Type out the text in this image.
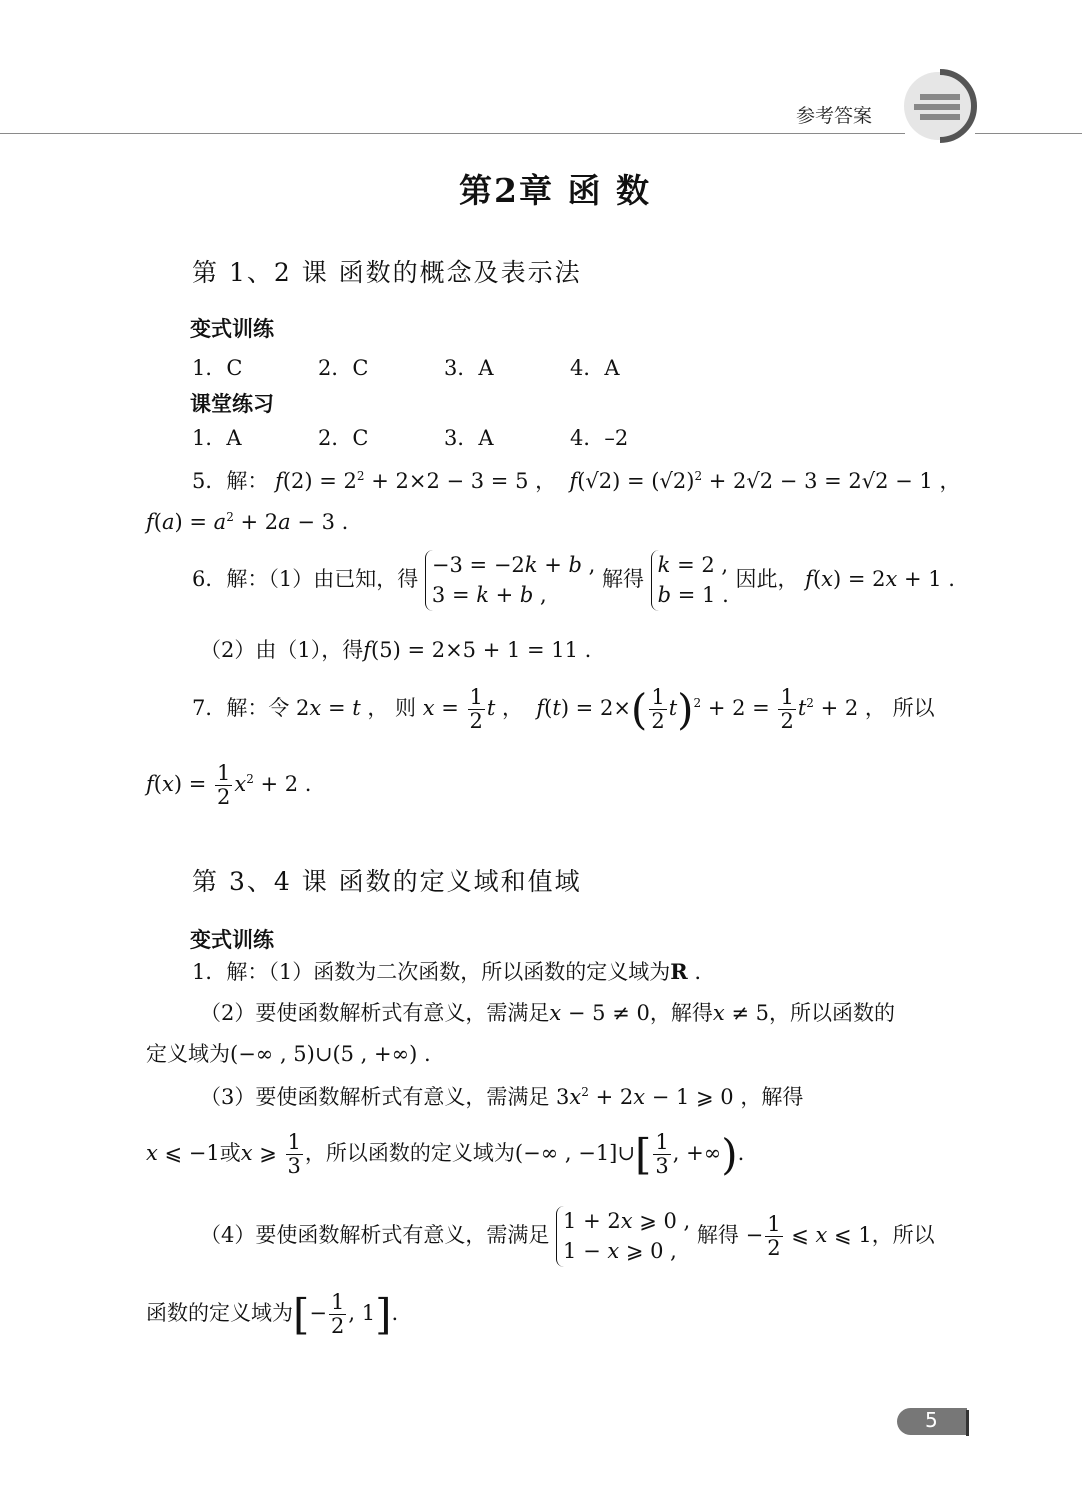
参考答案
第2章 函 数
第 1、2 课 函数的概念及表示法
变式训练
1．C	2．C	3．A	4．A
课堂练习
1．A	2．C	3．A	4．–2
5．解： $f(2) = 2^2 + 2\times 2 - 3 = 5$ ，  $f(√2) = (√2)^2 + 2√2 - 3 = 2√2 - 1$ ，
$f(a) = a^2 + 2a - 3$ .
6．解：（1）由已知，得 −3 = −2k + b ,
3 = k + b , 解得 k = 2 ,
b = 1 . 因此， f(x) = 2x + 1 .
（2）由（1），得f(5) = 2×5 + 1 = 11 .
7．解：令 2x = t ， 则 $x = \frac{1}{2}$ t ，  $f(t) = 2\times( \frac{1}{2} t)^2 + 2 = \frac{1}{2} t^2 + 2$ ， 所以
$f(x) = \frac{1}{2} x^2 + 2$ .
第 3、4 课 函数的定义域和值域
变式训练
1．解：（1）函数为二次函数，所以函数的定义域为R .
（2）要使函数解析式有意义，需满足x − 5 ≠ 0，解得x ≠ 5，所以函数的
定义域为(−∞ , 5)∪(5 , +∞) .
（3）要使函数解析式有意义，需满足 $3x^2 + 2x - 1$ ⩾ 0 ，解得
x ⩽ −1或x ⩾ $\frac{1}{3}$ ，所以函数的定义域为(−∞ , −1]∪[ $\frac{1}{3}$ , +∞).
（4）要使函数解析式有意义，需满足 1 + 2x ⩾ 0 ,
1 − x ⩾ 0 , 解得 − $\frac{1}{2}$ ⩽ x ⩽ 1，所以
函数的定义域为[− $\frac{1}{2}$ , 1].
5
